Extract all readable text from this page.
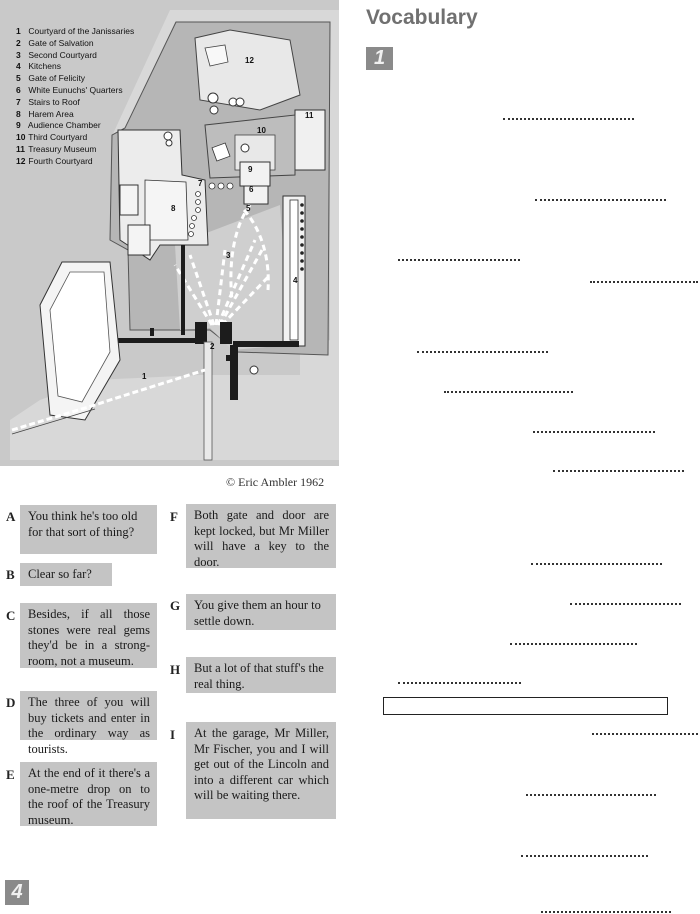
12
11
10
9
8
7
6
5
4
3
2
1
1 Courtyard of the Janissaries
2 Gate of Salvation
3 Second Courtyard
4 Kitchens
5 Gate of Felicity
6 White Eunuchs' Quarters
7 Stairs to Roof
8 Harem Area
9 Audience Chamber
10 Third Courtyard
11 Treasury Museum
12 Fourth Courtyard
© Eric Ambler 1962
A	You think he's too old for that sort of thing?
B	Clear so far?
C	Besides, if all those stones were real gems they'd be in a strong-room, not a museum.
D	The three of you will buy tickets and enter in the ordinary way as tourists.
E	At the end of it there's a one-metre drop on to the roof of the Treasury museum.
F	Both gate and door are kept locked, but Mr Miller will have a key to the door.
G	You give them an hour to settle down.
H	But a lot of that stuff's the real thing.
I	At the garage, Mr Miller, Mr Fischer, you and I will get out of the Lincoln and into a different car which will be waiting there.
Vocabulary
1
4
